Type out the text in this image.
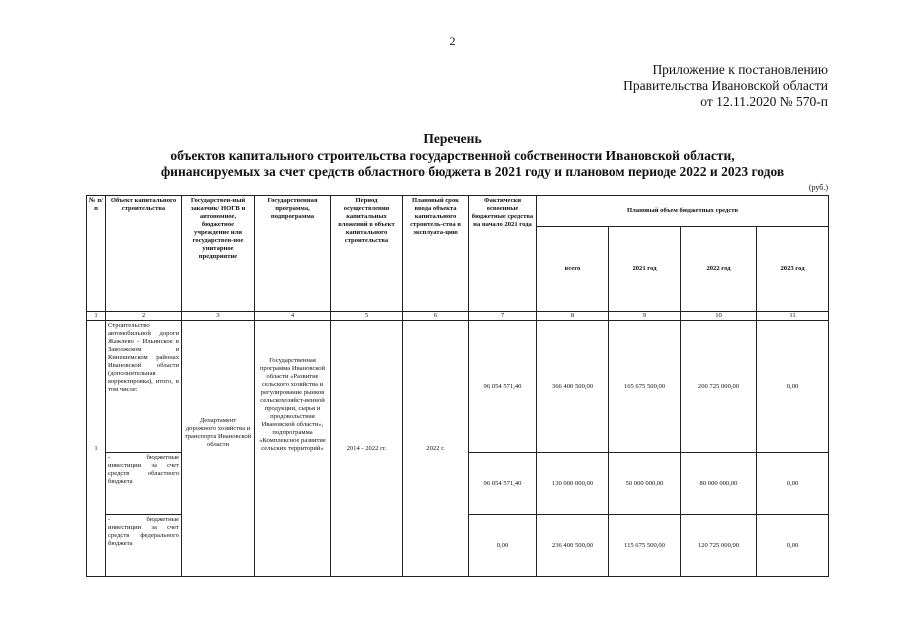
2
Приложение к постановлению
Правительства Ивановской области
от 12.11.2020 № 570-п
Перечень
объектов капитального строительства государственной собственности Ивановской области,
финансируемых за счет средств областного бюджета в 2021 году и плановом периоде 2022 и 2023 годов
(руб.)
№ п/п	Объект капитального строительства	Государствен-ный заказчик/ НОГВ и автономное, бюджетное учреждение или государствен-ное унитарное предприятие	Государственная программа, подпрограмма	Период осуществления капитальных вложений в объект капитального строительства	Плановый срок ввода объекта капитального строитель-ства в эксплуата-цию	Фактически освоенные бюджетные средства на начало 2021 года	Плановый объем бюджетных средств			
							всего	2021 год	2022 год	2023 год
1	2	3	4	5	6	7	8	9	10	11
1	Строительство автомобильной дороги Жажлево - Ильинское в Заволжском и Кинешемском районах Ивановской области (дополнительная корректировка), итого, в том числе:	Департамент дорожного хозяйства и транспорта Ивановской области	Государственная программа Ивановской области «Развитие сельского хозяйства и регулирование рынков сельскохозяйст-венной продукции, сырья и продовольствия Ивановской области», подпрограмма «Комплексное развитие сельских территорий»	2014 - 2022 гг.	2022 г.	96 054 571,40	366 400 500,00	165 675 500,00	200 725 000,00	0,00
	- бюджетные инвестиции за счет средств областного бюджета					96 054 571,40	130 000 000,00	50 000 000,00	80 000 000,00	0,00
	- бюджетные инвестиции за счет средств федерального бюджета					0,00	236 400 500,00	115 675 500,00	120 725 000,00	0,00
